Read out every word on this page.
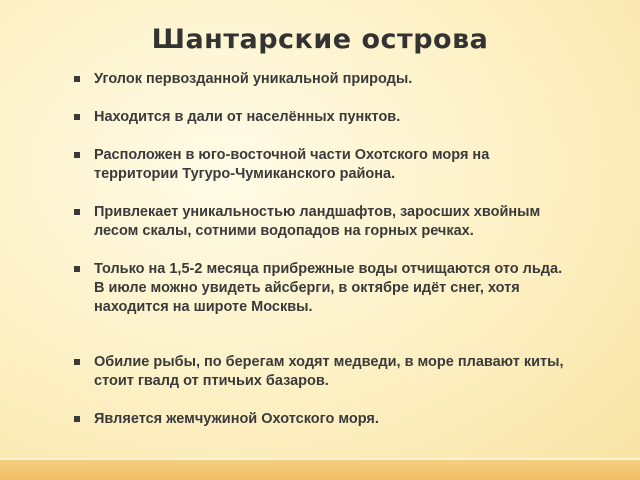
Шантарские острова
Уголок первозданной уникальной природы.
Находится в дали от населённых пунктов.
Расположен в юго-восточной части Охотского моря на территории Тугуро-Чумиканского района.
Привлекает уникальностью ландшафтов, заросших хвойным лесом скалы, сотними водопадов на горных речках.
Только на 1,5-2 месяца прибрежные воды отчищаются ото льда. В июле можно увидеть айсберги, в октябре идёт снег, хотя находится на широте Москвы.
Обилие рыбы, по берегам ходят медведи, в море плавают киты, стоит гвалд от птичьих базаров.
Является жемчужиной Охотского моря.
